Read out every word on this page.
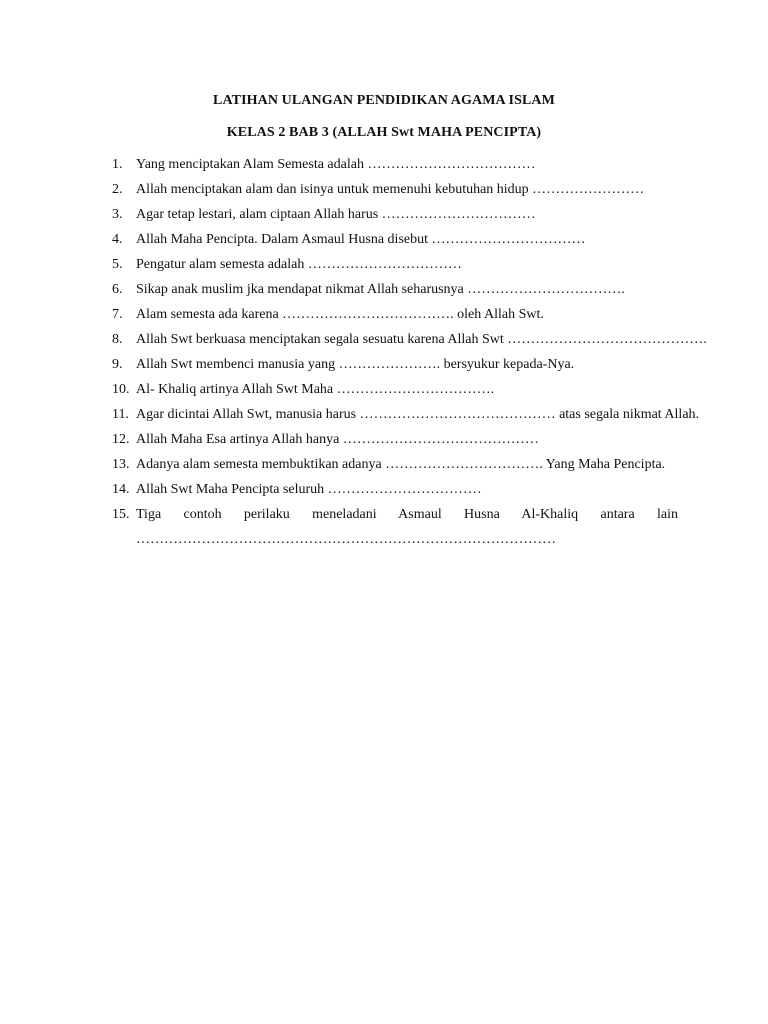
LATIHAN ULANGAN PENDIDIKAN AGAMA ISLAM
KELAS 2 BAB 3 (ALLAH Swt MAHA PENCIPTA)
1. Yang menciptakan Alam Semesta adalah ………………………………
2. Allah menciptakan alam dan isinya untuk memenuhi kebutuhan hidup ……………………
3. Agar tetap lestari, alam ciptaan Allah harus ……………………………
4. Allah Maha Pencipta. Dalam Asmaul Husna disebut ……………………………
5. Pengatur alam semesta adalah ……………………………
6. Sikap anak muslim jka mendapat nikmat Allah seharusnya …………………………….
7. Alam semesta ada karena ………………………………. oleh Allah Swt.
8. Allah Swt berkuasa menciptakan segala sesuatu karena Allah Swt …………………………………….
9. Allah Swt membenci manusia yang …………………. bersyukur kepada-Nya.
10. Al- Khaliq artinya Allah Swt Maha …………………………….
11. Agar dicintai Allah Swt, manusia harus …………………………………… atas segala nikmat Allah.
12. Allah Maha Esa artinya Allah hanya ……………………………………
13. Adanya alam semesta membuktikan adanya ……………………………. Yang Maha Pencipta.
14. Allah Swt Maha Pencipta seluruh ……………………………
15. Tiga contoh perilaku meneladani Asmaul Husna Al-Khaliq antara lain
………………………………………………………………………………
